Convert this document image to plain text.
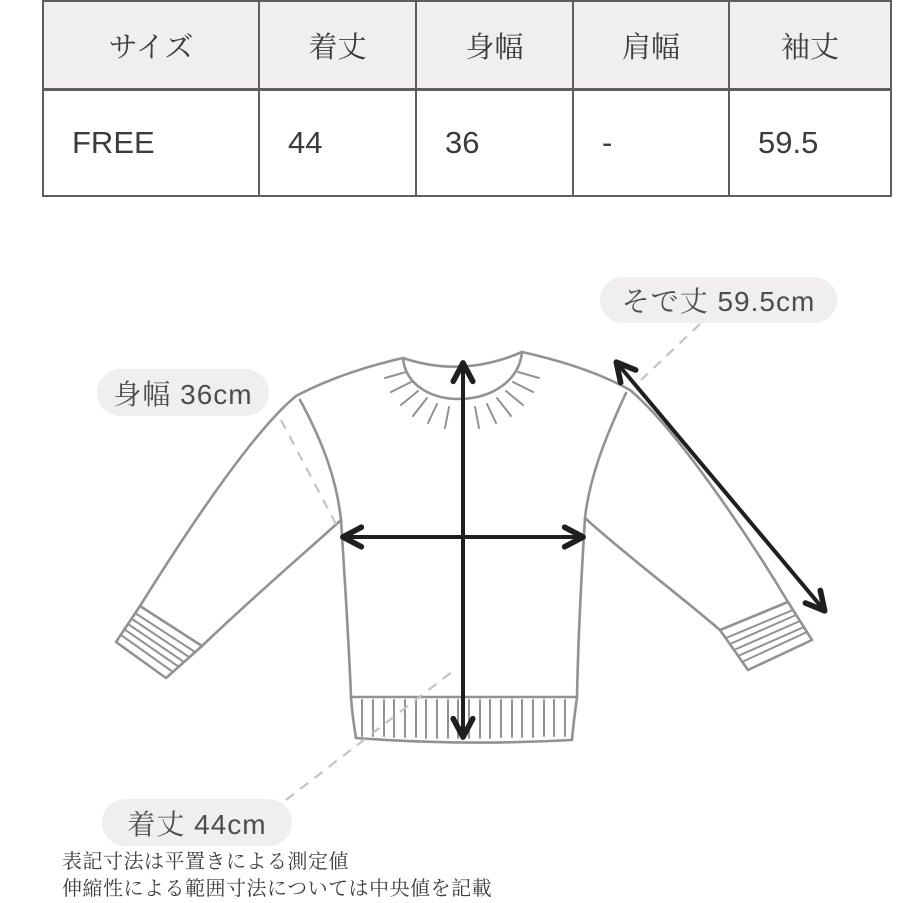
サイズ	着丈	身幅	肩幅	袖丈
FREE	44	36	-	59.5
そで丈 59.5cm
身幅 36cm
着丈 44cm
表記寸法は平置きによる測定値
伸縮性による範囲寸法については中央値を記載
